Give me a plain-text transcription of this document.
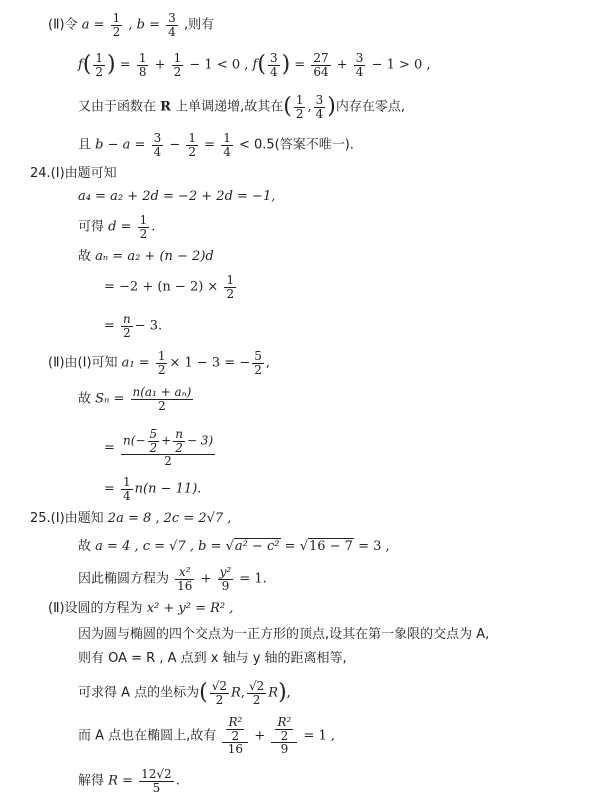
(Ⅱ)令 $a = \frac{1}{2}$ , $b = \frac{3}{4}$ ,则有
$f( \frac{1}{2}$ ) = $\frac{1}{8} + \frac{1}{2} - 1 < 0$ , $f( \frac{3}{4}$ ) = $\frac{27}{64} + \frac{3}{4} - 1 > 0$ ,
又由于函数在 R 上单调递增,故其在( $\frac{1}{2}$ , $\frac{3}{4}$ )内存在零点,
且 $b - a = \frac{3}{4} - \frac{1}{2} = \frac{1}{4} < 0.5$(答案不唯一).
24.(Ⅰ)由题可知
a₄ = a₂ + 2d = −2 + 2d = −1,
可得 $d = \frac{1}{2}$ .
故 aₙ = a₂ + (n − 2)d
= $-2 + (n - 2) \times \frac{1}{2}$
= $\frac{n}{2} - 3$.
(Ⅱ)由(Ⅰ)可知 $a_1 = \frac{1}{2} \times 1 - 3$ = − $\frac{5}{2}$ ,
故 $S_n = \frac{\text{n(a₁ + aₙ)}}{2}$
= $\frac{n(- \frac{5}{2} + \frac{n}{2} - 3)}{2}$
= $\frac{1}{4} n(n - 11)$.
25.(Ⅰ)由题知 2a = 8 , 2c = 2√7 ,
故 a = 4 , c = √7 , b = √a² − c² = √16 − 7 = 3 ,
因此椭圆方程为 $\frac{\text{x²}}{16} + \frac{\text{y²}}{9} = 1$.
(Ⅱ)设圆的方程为 x² + y² = R² ,
因为圆与椭圆的四个交点为一正方形的顶点,设其在第一象限的交点为 A,
则有 OA = R , A 点到 x 轴与 y 轴的距离相等,
可求得 A 点的坐标为( $\frac{√2}{2} R$, $\frac{√2}{2} R$),
而 A 点也在椭圆上,故有 $\frac{\frac{\text{R²}}{2}}{16} + \frac{\frac{\text{R²}}{2}}{9} = 1$ ,
解得 $R = \frac{12√2}{5}$ .
